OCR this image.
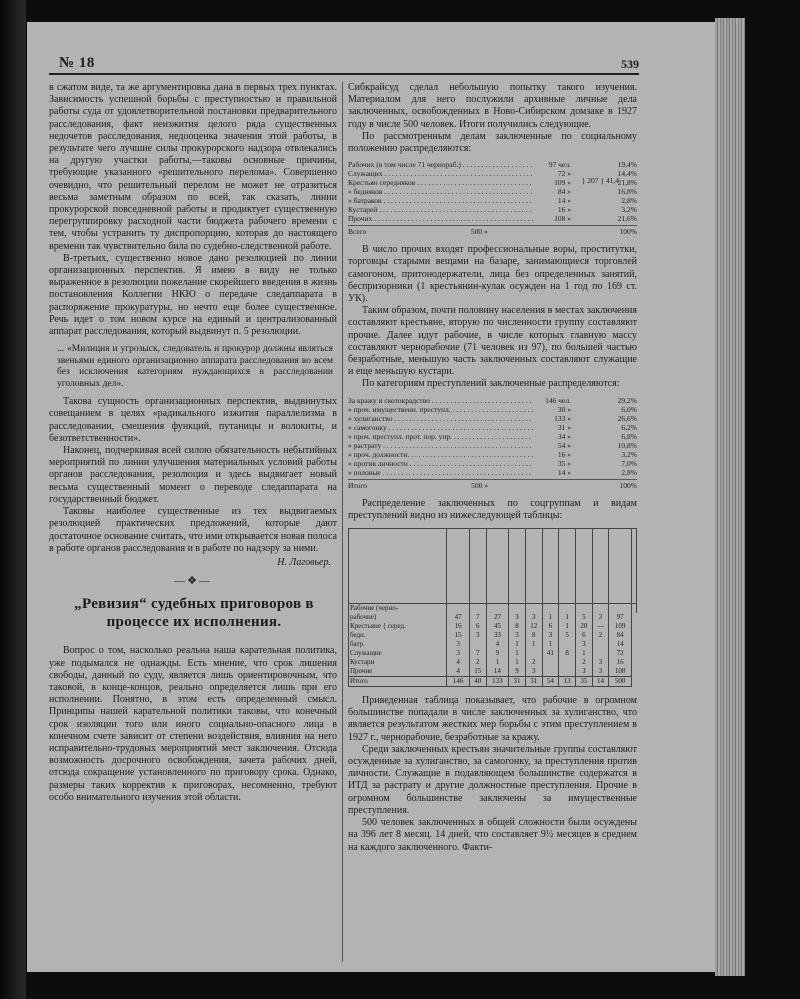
№ 18	539

в сжатом виде, та же аргументировка дана в первых трех пунктах. Зависимость успешной борьбы с преступностью и правильной работы суда от удовлетворительной постановки предварительного расследования, факт неизжития целого ряда существенных недочетов расследования, недооценка значения этой работы, в результате чего лучшие силы прокурорского надзора отвлекались на другую участки работы,—таковы основные причины, требующие указанного «решительного перелома». Совершенно очевидно, что решительный перелом не может не отразиться весьма заметным образом по всей, так сказать, линии прокурорской повседневной работы и продиктует существенную перегруппировку расходной части бюджета рабочего времени с тем, чтобы устранить ту диспропорцию, которая до настоящего времени так чувствительно била по судебно-следственной работе.

В-третьих, существенно новое дано резолюцией по линии организационных перспектив. Я имею в виду не только выраженное в резолюции пожелание скорейшего введения в жизнь постановления Коллегии НКЮ о передаче следаппарата в распоряжение прокуратуры, но нечто еще более существенное. Речь идет о том новом курсе на единый и централизованный аппарат расследования, который выдвинут п. 5 резолюции.

... «Милиция и угрозыск, следователь и прокурор должны являться звеньями единого организационно аппарата расследования во всем без исключения категориям нуждающихся в расследовании уголовных дел».

Такова сущность организационных перспектив, выдвинутых совещанием в целях «радикального изжития параллелизма в расследовании, смешения функций, путаницы и волокиты, и безответственности».

Наконец, подчеркивая всей силою обязательность небытийных мероприятий по линии улучшения материальных условий работы органов расследования, резолюция и здесь выдвигает новый весьма существенный момент о переводе следаппарата на государственный бюджет.

Таковы наиболее существенные из тех выдвигаемых резолюцией практических предложений, которые дают достаточное основание считать, что ими открывается новая полоса в работе органов расследования и в работе по надзору за ними.

Н. Лаговьер.
—❖—
„Ревизия“ судебных приговоров в процессе их исполнения.

Вопрос о том, насколько реальна наша карательная политика, уже подымался не однажды. Есть мнение, что срок лишения свободы, данный по суду, является лишь ориентировочным, что таковой, в конце-концов, реально определяется лишь при его исполнении. Понятно, в этом есть определенный смысл. Принципы нашей карательной политики таковы, что конечный срок изоляции того или иного социально-опасного лица в конечном счете зависит от степени воздействия, влияния на него исправительно-трудовых мероприятий мест заключения. Отсюда возможность досрочного освобождения, зачета рабочих дней, отсюда сокращение установленного по приговору срока. Однако, размеры таких корректив к приговорах, несомненно, требуют особо внимательного изучения этой области.

Сибкрайсуд сделал небольшую попытку такого изучения. Материалом для него послужили архивные личные дела заключенных, освобожденных в Ново-Сибирском домзаке в 1927 году в числе 500 человек. Итоги получились следующие.

По рассмотренным делам заключенные по социальному положению распределяются:

} 207 } 41,4
Рабочих (в том числе 71 чернораб.) . . .	97 чел.	19,4%
Служащих . . .	72 »	14,4%
Крестьян середняков . . .	109 »	21,8%
» бедняков . . .	84 »	16,8%
» батраков . . .	14 »	2,8%
Кустарей . . .	16 »	3,2%
Прочих . . .	108 »	21,6%
Всего	500 »	100%

В число прочих входят профессиональные воры, проститутки, торговцы старыми вещами на базаре, занимающиеся торговлей самогоном, притонодержатели, лица без определенных занятий, беспризорники (1 крестьянин-кулак осужден на 1 год по 169 ст. УК).

Таким образом, почти половину населения в местах заключения составляют крестьяне, вторую по численности группу составляют прочие. Далее идут рабочие, в числе которых главную массу составляют чернорабочие (71 человек из 97), по большей частью безработные, меньшую часть заключенных составляют служащие и еще меньшую кустари.

По категориям преступлений заключенные распределяются:

За кражу и скотокрадство . . .	146 чел.	29,2%
» проч. имущественн. преступл. . . .	30 »	6,0%
» хулиганство . . .	133 »	26,6%
» самогонку . . .	31 »	6,2%
» проч. преступл. прот. пор. упр. . . .	34 »	6,8%
» растрату . . .	54 »	10,8%
» проч. должностн. . . .	16 »	3,2%
» против личности . . .	35 »	7,0%
» половые . . .	14 »	2,8%
Итого	500 »	100%

Распределение заключенных по соцгруппам и видам преступлений видно из нижеследующей таблицы:

Рабочие (черно-											
рабочие)	47	7	27	3	3	1	1	5	3	97	
Крестьяне { серед.	16	6	45	8	12	6	1	20	—	109	
бедн.	15	3	33	3	8	3	5	6	2	84	
батр.	3		4	1	1	1		3		14	
Служащие	3	7	9	1		41	8	1		72	
Кустари	4	2	1	1	2			2	3	16	
Прочие	4	15	14	9	3			3	3	108	
Итого	146	40	133	31	31	54	13	35	14	500	

Приведенная таблица показывает, что рабочие в огромном большинстве попадали в числе заключенных за хулиганство, что является результатом жестких мер борьбы с этим преступлением в 1927 г., чернорабочие, безработные за кражу.

Среди заключенных крестьян значительные группы составляют осужденные за хулиганство, за самогонку, за преступления против личности. Служащие в подавляющем большинстве содержатся в ИТД за растрату и другие должностные преступления. Прочие в огромном большинстве заключены за имущественные преступления.

500 человек заключенных в общей сложности были осуждены на 396 лет 8 месяц. 14 дней, что составляет 9½ месяцев в среднем на каждого заключенного. Факти-
